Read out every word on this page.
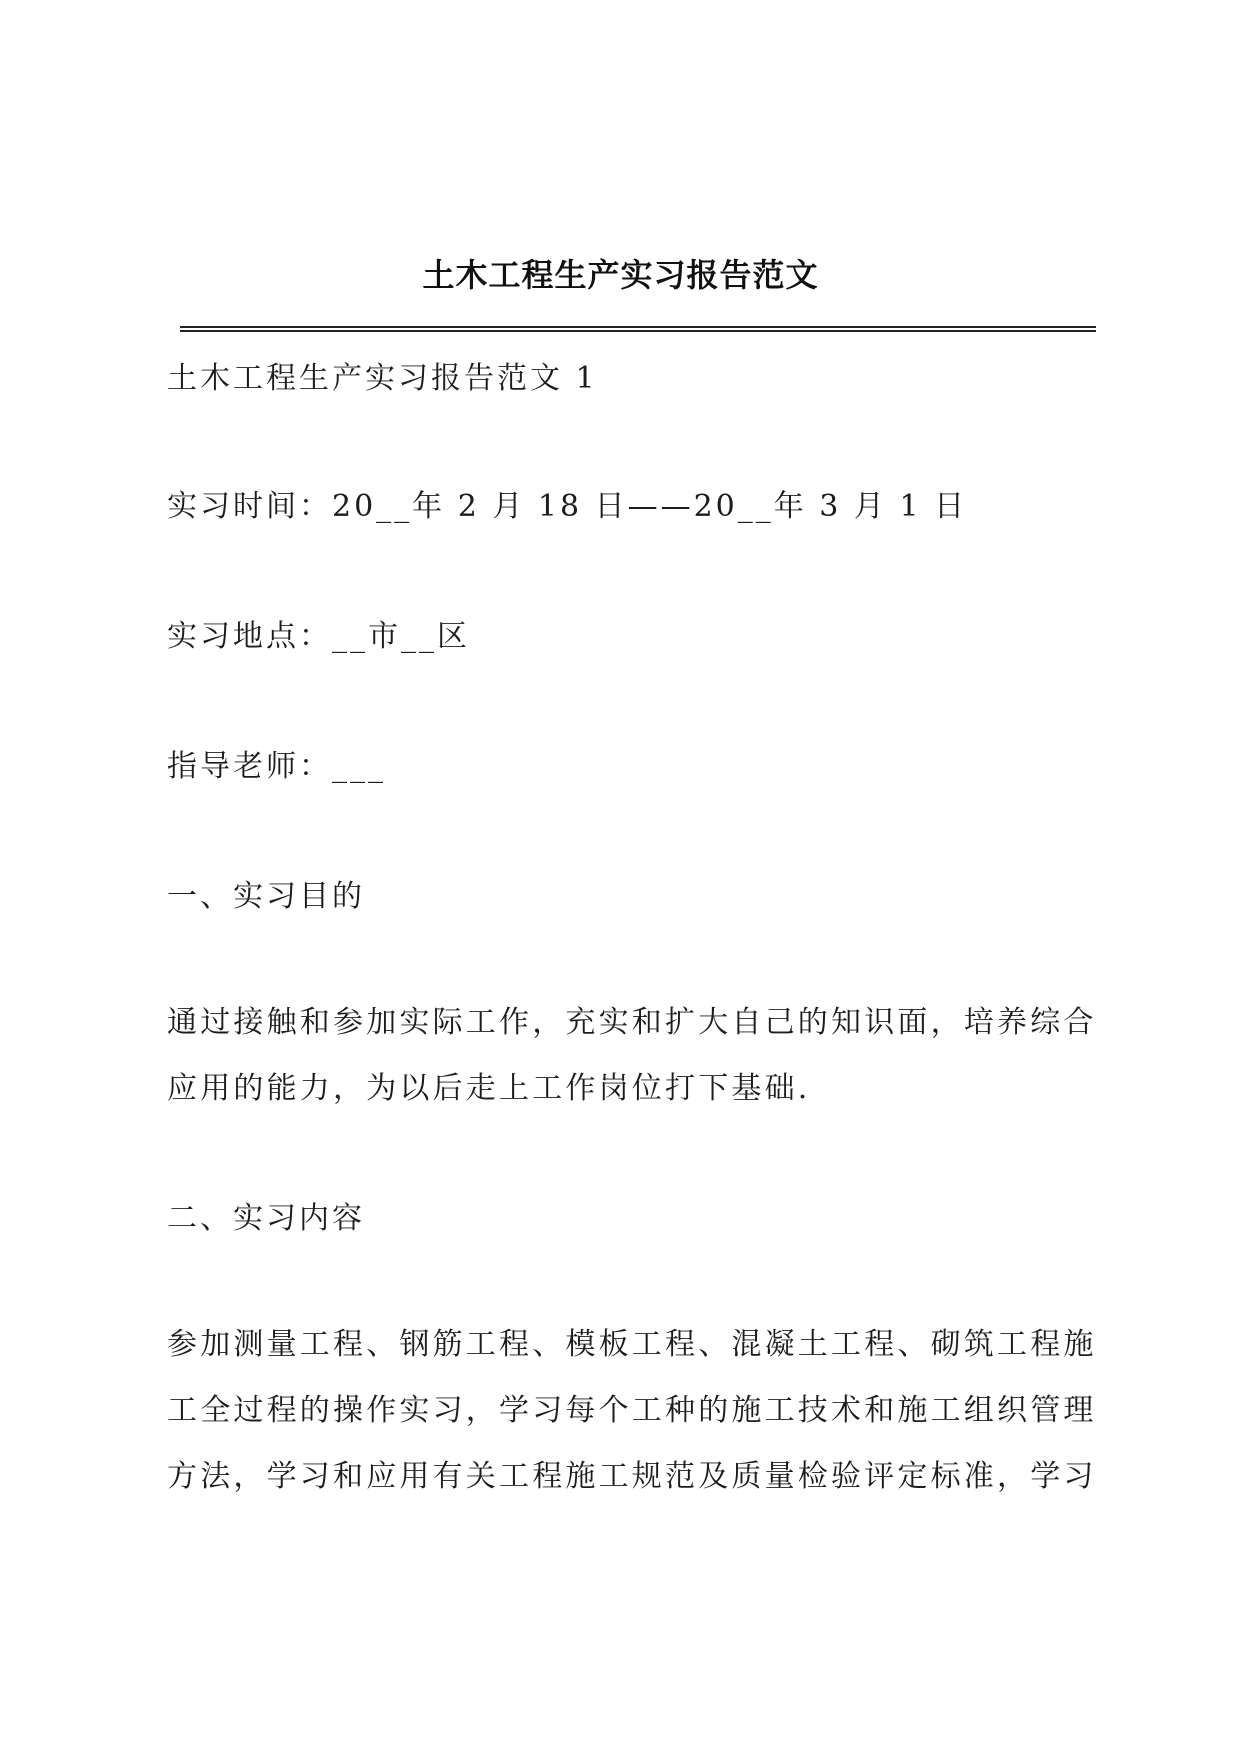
土木工程生产实习报告范文
土木工程生产实习报告范文 1
实习时间：20__年 2 月 18 日——20__年 3 月 1 日
实习地点：__市__区
指导老师：___
一、实习目的
通过接触和参加实际工作，充实和扩大自己的知识面，培养综合
应用的能力，为以后走上工作岗位打下基础.
二、实习内容
参加测量工程、钢筋工程、模板工程、混凝土工程、砌筑工程施
工全过程的操作实习，学习每个工种的施工技术和施工组织管理
方法，学习和应用有关工程施工规范及质量检验评定标准，学习
